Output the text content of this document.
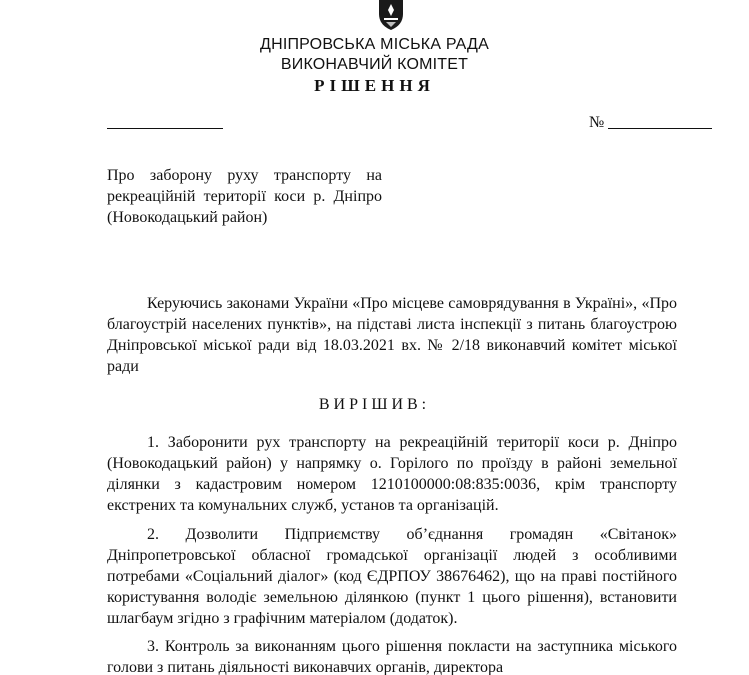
ДНІПРОВСЬКА МІСЬКА РАДА
ВИКОНАВЧИЙ КОМІТЕТ
РІШЕННЯ
№
Про заборону руху транспорту на рекреаційній території коси р. Дніпро (Новокодацький район)
Керуючись законами України «Про місцеве самоврядування в Україні», «Про благоустрій населених пунктів», на підставі листа інспекції з питань благоустрою Дніпровської міської ради від 18.03.2021 вх. № 2/18 виконавчий комітет міської ради
ВИРІШИВ:
1. Заборонити рух транспорту на рекреаційній території коси р. Дніпро (Новокодацький район) у напрямку о. Горілого по проїзду в районі земельної ділянки з кадастровим номером 1210100000:08:835:0036, крім транспорту екстрених та комунальних служб, установ та організацій.
2. Дозволити Підприємству об’єднання громадян «Світанок» Дніпропетровської обласної громадської організації людей з особливими потребами «Соціальний діалог» (код ЄДРПОУ 38676462), що на праві постійного користування володіє земельною ділянкою (пункт 1 цього рішення), встановити шлагбаум згідно з графічним матеріалом (додаток).
3. Контроль за виконанням цього рішення покласти на заступника міського голови з питань діяльності виконавчих органів, директора
